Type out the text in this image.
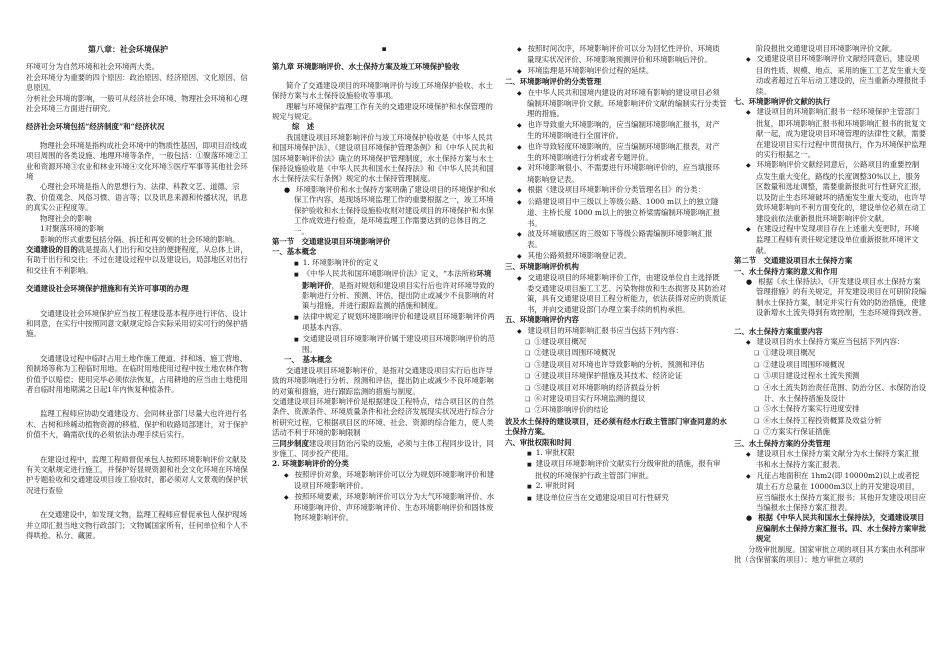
第八章：社会环境保护

环境可分为自然环境和社会环境两大类。

社会环境分为重要的四个原因：政治原因、经济原因、文化原因、信息原因。

分析社会环境的影响，一般可从经济社会环境、物理社会环境和心理社会环境三方面进行研究。

经济社会环境包括“经济制度”和“经济状况

物理社会环境是指构成社会环境中的物质性基因，即项目沿线或项目周围的各类设施、地理环境等条件，一般包括：①聚落环境②工业和资源环境③农业和林业环境④文化环境⑤医疗军事等其他社会环境

心理社会环境是指人的思想行为、法律、科教文艺、道德、宗教、价值观念、风俗习惯、语言等；以及讯息来源和传播状况，讯息的真实公正程度等。

物理社会的影响

1对聚落环境的影响

影响的形式重要包括分隔、拆迁和再安顿的社会环境的影响。

交通建设的目的就是提高人们出行和交往的便捷程度，从总体上讲，有助于出行和交往；不过在建设过程中以及建设后，局部地区对出行和交往有不利影响。

交通建设社会环境保护措施和有关许可事项的办理

交通建设社会环境保护应当按工程建设基本程序进行评估、设计和同意，在实行中按照同意文献规定综合实际采用切实可行的保护措施。

交通建设过程中临时占用土地作施工便道、拌和场、施工营地、预制场等称为工程临时用地。在临时用地使用过程中按土地农林作物价值予以赔偿；使用完毕必须依法恢复，占用耕地的应当由土地使用者自临时用地期满之日起1年内恢复种植条件。

监理工程师应协助交通建设方、会同林业部门尽量大也许进行名木、古树和珍稀动植物资源的移植、保护和收路局部建计，对于保护价值不大，确需砍伐的必须依法办理手续后实行。

在建设过程中，监理工程师督促承包人按照环境影响评价文献及有关文献规定进行施工，并保护好显规资源和社会文化环境在环境保护专题验收和交通建设项目竣工验收时，都必须对人文景观的保护状况进行查验

在交通建设中，如发现文物，监理工程师应督促承包人保护现场并立即汇报当地文物行政部门；文物属国家所有，任何单位和个人不得哄抢、私分、藏匿。

▪

第九章 环境影响评价、水土保持方案及竣工环境保护验收

简介了交通建设项目的环境影响评价与竣工环境保护验收、水土保持方案与水土保持设施验收等事项。

理解与环境保护监理工作有关的交通建设环境保护和水保管理的规定与规定。

综　述

我国建设项目环境影响评价与竣工环境保护验收是《中华人民共和国环境保护法》、《建设项目环境保护管理条例》和《中华人民共和国环境影响评价法》确立的环境保护管理制度，水土保持方案与水土保持设施验收是《中华人民共和国水土保持法》和《中华人民共和国水土保持法实行条例》规定的水土保持管理制度。

● 环境影响评价和水土保持方案明确了建设项目的环境保护和水保工作内容，是现场环境监理工作的重要根据之一，竣工环境保护验收和水土保持设施验收则对建设项目的环境保护和水保工作成效进行检查，是环境监理工作需要达到的总体目的之一。

第一节　交通建设项目环境影响评价

一、基本概念

■ 1. 环境影响评价的定义

■ 《中华人民共和国环境影响评价法》定义，“本法所称环境影响评价，是指对规划和建设项目实行后也许对环境导致的影响进行分析、预测、评估，提出防止或减少不良影响的对策与措施，并进行跟踪监测的措施和制度。

■ 法律中规定了规划环境影响评价和建设项目环境影响评价两项基本内容。

■ 交通建设项目环境影响评价属于建设项目环境影响评价的范围。

一、　基本概念

交通建设项目环境影响评价，是指对交通建设项目实行后也许导致的环境影响进行分析、预测和评估，提出防止或减少不良环境影响的对策和措施，进行跟踪监测的措施与制度。

交通建设项目环境影响评价是根据建设工程特点，结合项目区的自然条件、资源条件、环境质量条件和社会经济发展现实状况进行综合分析研究过程，它根据项目区的环境、社会、资源的综合能力，使人类活动不利于环境的影响限制

三同步制度建设项目防治污染的设施，必须与主体工程同步设计，同步施工、同步投产使用。

2. 环境影响评价的分类

◆ 按照评价对象，环境影响评价可以分为规划环境影响评价和建设项目环境影响评价。

◆ 按照环境要素，环境影响评价可以分为大气环境影响评价、水环境影响评价、声环境影响评价、生态环境影响评价和固体废物环境影响评价。

◆ 按照时间次序，环境影响评价可以分为回忆性评价、环境质量现实状况评价、环境影响预测评价和环境影响后评价。

◆ 环境监理是环境影响评价过程的延续。

二、环境影响评价的分类管理

◆ 在中华人民共和国境内建设的对环境有影响的建设项目必须编制环境影响评价文献。环境影响评价文献的编制实行分类管理的措施。

◆ 也许导致重大环境影响的，应当编制环境影响汇报书，对产生的环境影响进行全面评价。

◆ 也许导致轻度环境影响的，应当编制环境影响汇报表，对产生的环境影响进行分析或者专题评价。

◆ 对环境影响很小、不需要进行环境影响评价的，应当填报环境影响登记表。

◆ 根据《建设项目环境影响评价分类管理名目》的分类：

◆ 公路建设项目中三级以上等级公路、1000 m以上的独立隧道、主桥长度 1000 m以上的独立桥梁需编制环境影响汇报书。

◆ 波及环境敏感区的三级如下等级公路需编制环境影响汇报表。

◆ 其他公路须报环境影响登记表。

三、环境影响评价机构

◆ 交通建设项目的环境影响评价工作，由建设单位自主选择既委交通建设项目施工工艺、污染物排放和生态损害及其防治对策，具有交通建设项目工程分析能力，依法获得对应的资质证书，并向交通建设部门办理立案手续的机构承担。

五、环境影响评价内容

◆ 建设项目的环境影响汇报书应当包括下列内容：

❑ ①建设项目概况

❑ ②建设项目周围环境概况

❑ ③建设项目对环境也许导致影响的分析、预测和评估

❑ ④建设项目环境保护措施及其技术、经济论证

❑ ⑤建设项目对环境影响的经济损益分析

❑ ⑥对建设项目实行环境监测的提议

❑ ⑦环境影响评价的结论

波及水土保持的建设项目，还必须有经水行政主管部门审查同意的水土保持方案。

六、审批权限和时间

■ 1. 审批权限

■ 建设项目环境影响评价文献实行分级审批的措施，报有审批权的环境保护行政主管部门审批。

■ 2. 审批时间

■ 建设单位应当在交通建设项目可行性研究

阶段报批交通建设项目环境影响评价文献。

◆ 交通建设项目环境影响评价文献经同意后，建设项目的性质、规模、地点、采用的施工工艺发生重大变动或者超过五年后动工建设的，应当重新办理报批手续。

七、环境影响评价文献的执行

◆ 建设项目的环境影响汇报书一经环境保护主管部门批复，即环境影响汇报书和环境影响汇报书的批复文献一起，成为建设项目环境管理的法律性文献，需要在建设项目实行过程中贯彻执行，作为环境保护监理的实行根据之一。

◆ 环境影响评价文献经同意后，公路项目的重要控制点发生重大变化，路线的长度调整30%以上，服务区数量和选址调整，需要重新报批可行性研究汇报，以及防止生态环境破坏的措施发生重大变动，也许导致环境影响向不利方面变化的，建设单位必须在动工建设前依法重新报批环境影响评价文献。

◆ 在建设过程中发现项目存在上述重大变更时，环境监理工程师有责任规定建设单位重新报批环境评文献。

第二节　交通建设项目水土保持方案

一、水土保持方案的意义和作用

● 根据《水土保持法》、《开发建设项目水土保持方案管理措施》的有关规定，开发建设项目在可研阶段编制水土保持方案，制定并实行有效的防治措施，使建设新增水土流失得到有效控制，生态环境得到改善。

二、水土保持方案重要内容

◆ 建设项目的水土保持方案应当包括下列内容：

❑ ①建设项目概况

❑ ②建设项目周围环境概况

❑ ③项目建设过程水土流失预测

❑ ④水土流失防治责任范围、防治分区、水保防治设计、水土保持措施及设计

❑ ⑤水土保持方案实行进度安排

❑ ⑥水土保持工程投资概算及效益分析

❑ ⑦方案实行保证措施

三、水土保持方案的分类管理

◆ 建设项目水土保持方案文献分为水土保持方案汇报书和水土保持方案汇报表。

◆ 凡征占地面积在 1hm2(即 10000m2)以上或者挖填土石方总量在 10000m3以上的开发建设项目，应当编报水土保持方案汇报书；其他开发建设项目应当编报水土保持方案汇报表。

● 根据《中华人民共和国水土保持法》，交通建设项目应编制水土保持方案汇报书。四、水土保持方案审批规定

分级审批制度。国家审批立项的项目其方案由水利部审批（含保留案的项目）；地方审批立项的
